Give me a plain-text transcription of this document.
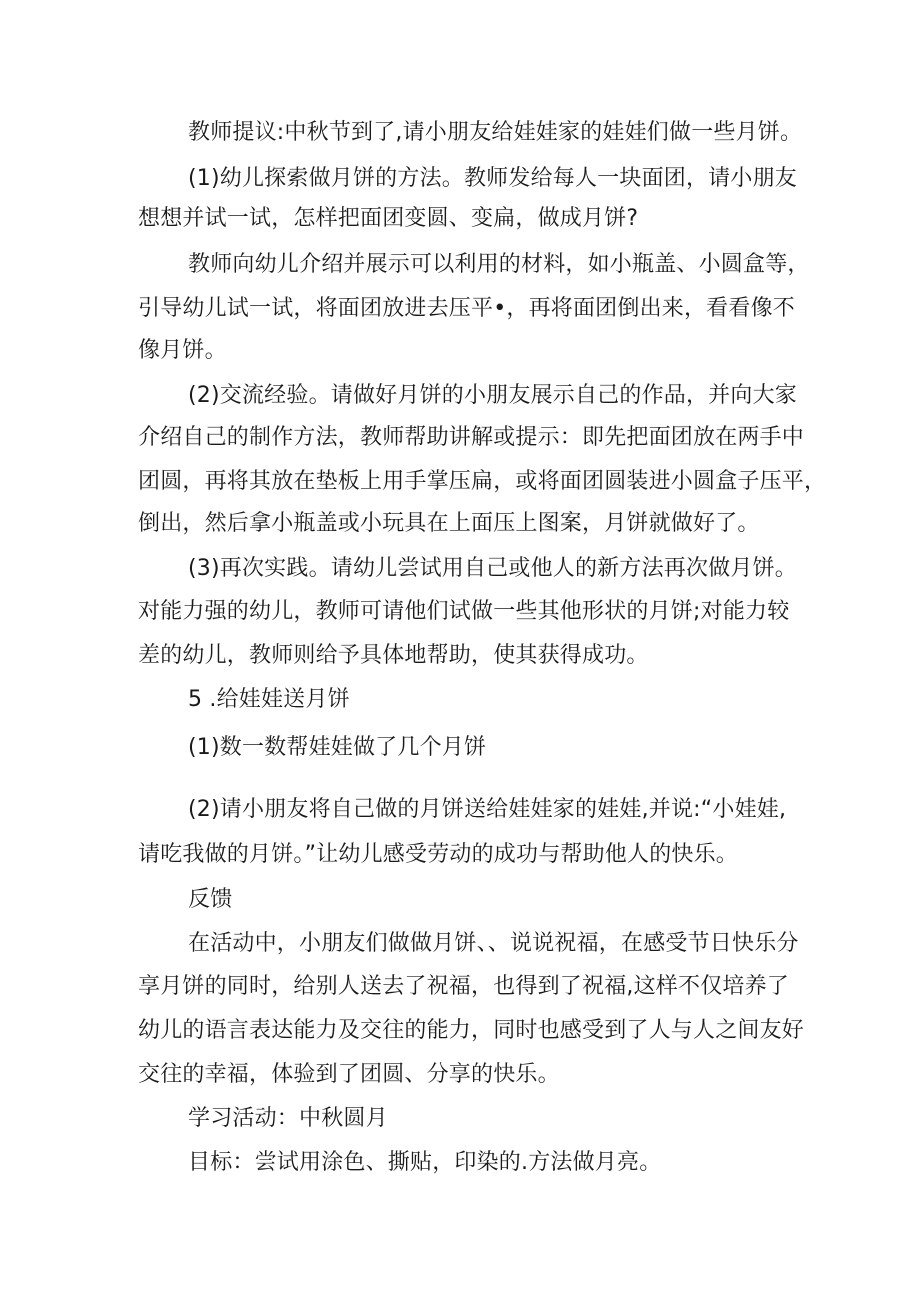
教师提议:中秋节到了,请小朋友给娃娃家的娃娃们做一些月饼。
(1)幼儿探索做月饼的方法。教师发给每人一块面团，请小朋友
想想并试一试，怎样把面团变圆、变扁，做成月饼?
教师向幼儿介绍并展示可以利用的材料，如小瓶盖、小圆盒等，
引导幼儿试一试，将面团放进去压平•，再将面团倒出来，看看像不
像月饼。
(2)交流经验。请做好月饼的小朋友展示自己的作品，并向大家
介绍自己的制作方法，教师帮助讲解或提示：即先把面团放在两手中
团圆，再将其放在垫板上用手掌压扁，或将面团圆装进小圆盒子压平，
倒出，然后拿小瓶盖或小玩具在上面压上图案，月饼就做好了。
(3)再次实践。请幼儿尝试用自己或他人的新方法再次做月饼。
对能力强的幼儿，教师可请他们试做一些其他形状的月饼;对能力较
差的幼儿，教师则给予具体地帮助，使其获得成功。
5 .给娃娃送月饼
(1)数一数帮娃娃做了几个月饼
(2)请小朋友将自己做的月饼送给娃娃家的娃娃,并说:“小娃娃,
请吃我做的月饼。”让幼儿感受劳动的成功与帮助他人的快乐。
反馈
在活动中，小朋友们做做月饼、、说说祝福，在感受节日快乐分
享月饼的同时，给别人送去了祝福，也得到了祝福,这样不仅培养了
幼儿的语言表达能力及交往的能力，同时也感受到了人与人之间友好
交往的幸福，体验到了团圆、分享的快乐。
学习活动：中秋圆月
目标：尝试用涂色、撕贴，印染的.方法做月亮。
